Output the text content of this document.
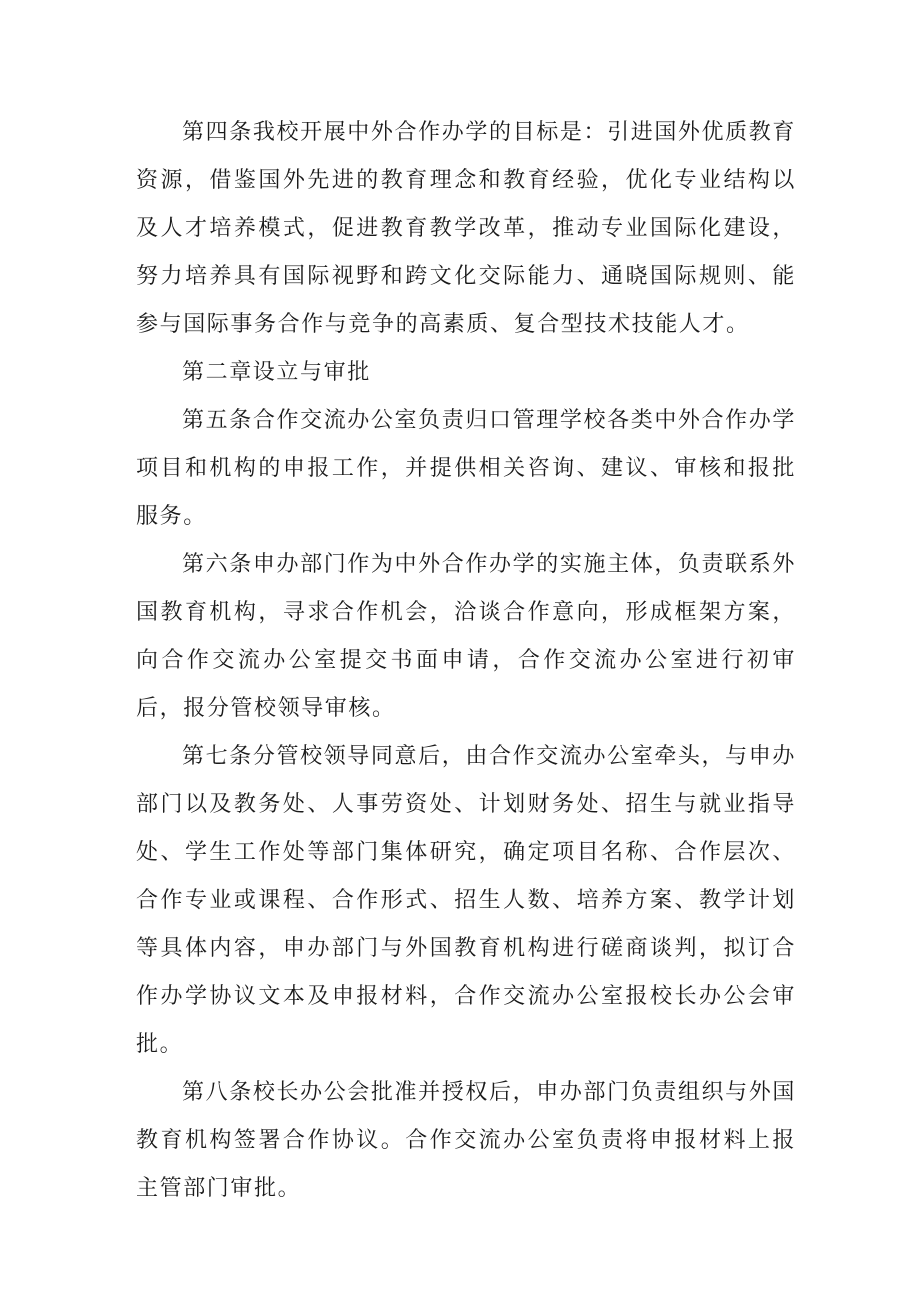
第四条我校开展中外合作办学的目标是：引进国外优质教育资源，借鉴国外先进的教育理念和教育经验，优化专业结构以及人才培养模式，促进教育教学改革，推动专业国际化建设，努力培养具有国际视野和跨文化交际能力、通晓国际规则、能参与国际事务合作与竞争的高素质、复合型技术技能人才。

第二章设立与审批

第五条合作交流办公室负责归口管理学校各类中外合作办学项目和机构的申报工作，并提供相关咨询、建议、审核和报批服务。

第六条申办部门作为中外合作办学的实施主体，负责联系外国教育机构，寻求合作机会，洽谈合作意向，形成框架方案，向合作交流办公室提交书面申请，合作交流办公室进行初审后，报分管校领导审核。

第七条分管校领导同意后，由合作交流办公室牵头，与申办部门以及教务处、人事劳资处、计划财务处、招生与就业指导处、学生工作处等部门集体研究，确定项目名称、合作层次、合作专业或课程、合作形式、招生人数、培养方案、教学计划等具体内容，申办部门与外国教育机构进行磋商谈判，拟订合作办学协议文本及申报材料，合作交流办公室报校长办公会审批。

第八条校长办公会批准并授权后，申办部门负责组织与外国教育机构签署合作协议。合作交流办公室负责将申报材料上报主管部门审批。
